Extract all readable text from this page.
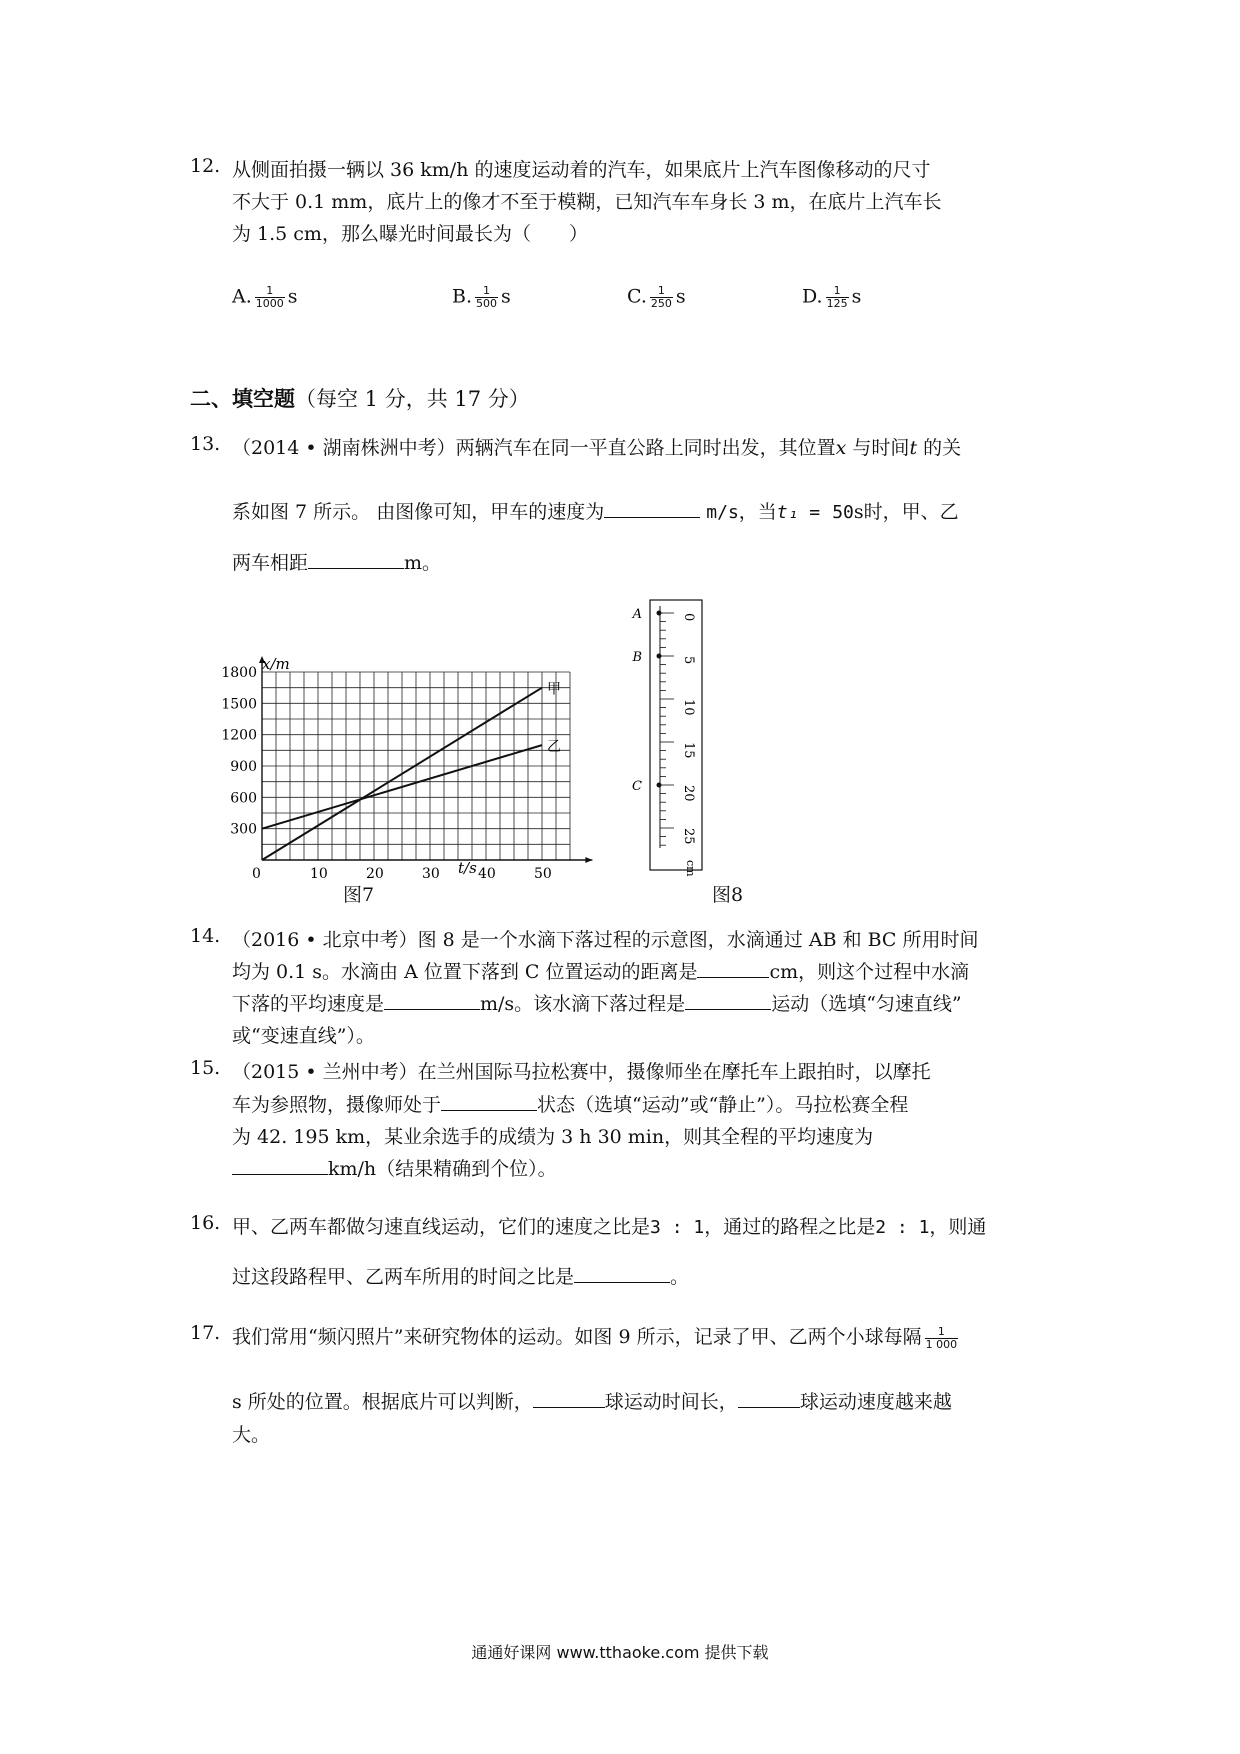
12. 从侧面拍摄一辆以 36 km/h 的速度运动着的汽车，如果底片上汽车图像移动的尺寸
不大于 0.1 mm，底片上的像才不至于模糊，已知汽车车身长 3 m，在底片上汽车长
为 1.5 cm，那么曝光时间最长为（　　）
A. $\frac{1}{1000}$ s	B. $\frac{1}{500}$ s	C. $\frac{1}{250}$ s	D. $\frac{1}{125}$ s
二、填空题（每空 1 分，共 17 分）
13. （2014 • 湖南株洲中考）两辆汽车在同一平直公路上同时出发，其位置x 与时间t 的关
系如图 7 所示。 由图像可知，甲车的速度为	m/s，当t₁ = 50s时，甲、乙
两车相距	m。
甲
乙
0	10	20	30	40	50
300
600
900
1200
1500
1800 x/m
t/s
图7
0
5
10
15
20
25
A
B
C
cm
图8
14. （2016 • 北京中考）图 8 是一个水滴下落过程的示意图，水滴通过 AB 和 BC 所用时间
均为 0.1 s。水滴由 A 位置下落到 C 位置运动的距离是	cm，则这个过程中水滴
下落的平均速度是	m/s。该水滴下落过程是	运动（选填“匀速直线”
或“变速直线”）。
15. （2015 • 兰州中考）在兰州国际马拉松赛中，摄像师坐在摩托车上跟拍时，以摩托
车为参照物，摄像师处于	状态（选填“运动”或“静止”）。马拉松赛全程
为 42. 195 km，某业余选手的成绩为 3 h 30 min，则其全程的平均速度为
km/h（结果精确到个位）。
16. 甲、乙两车都做匀速直线运动，它们的速度之比是3 : 1，通过的路程之比是2 : 1，则通
过这段路程甲、乙两车所用的时间之比是	。
17. 我们常用“频闪照片”来研究物体的运动。如图 9 所示，记录了甲、乙两个小球每隔 $\frac{1}{1 000}$
s 所处的位置。根据底片可以判断，	球运动时间长，	球运动速度越来越
大。
通通好课网 www.tthaoke.com 提供下载
